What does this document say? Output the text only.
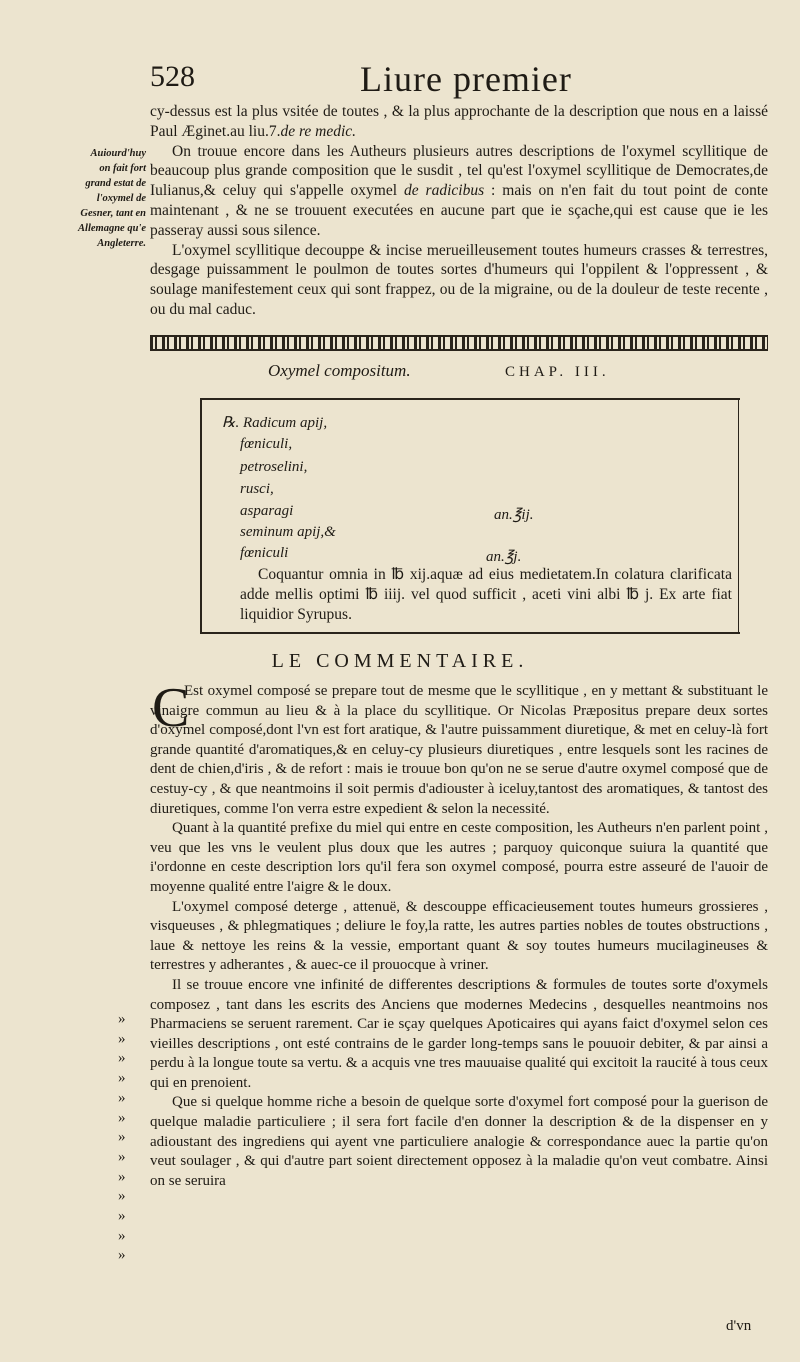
528	Liure premier
Auiourd'huy
on fait fort
grand estat de
l'oxymel de
Gesner, tant en
Allemagne qu'e
Angleterre.

cy-dessus est la plus vsitée de toutes , & la plus approchante de la description que nous en a laissé Paul Æginet.au liu.7.de re medic.

On trouue encore dans les Autheurs plusieurs autres descriptions de l'oxymel scyllitique de beaucoup plus grande composition que le susdit , tel qu'est l'oxymel scyllitique de Democrates,de Iulianus,& celuy qui s'appelle oxymel de radicibus : mais on n'en fait du tout point de conte maintenant , & ne se trouuent executées en aucune part que ie sçache,qui est cause que ie les passeray aussi sous silence.

L'oxymel scyllitique decouppe & incise merueilleusement toutes humeurs crasses & terrestres, desgage puissamment le poulmon de toutes sortes d'humeurs qui l'oppilent & l'oppressent , & soulage manifestement ceux qui sont frappez, ou de la migraine, ou de la douleur de teste recente , ou du mal caduc.

Oxymel compositum.	CHAP. III.
℞. Radicum apij,
fœniculi,
petroselini,
rusci,
asparagi
seminum apij,&
fœniculi
an.℥ij.
an.℥j.
Coquantur omnia in ℔ xij.aquæ ad eius medietatem.In colatura clarificata adde mellis optimi ℔ iiij. vel quod sufficit , aceti vini albi ℔ j. Ex arte fiat liquidior Syrupus.
LE COMMENTAIRE.
C

Est oxymel composé se prepare tout de mesme que le scyllitique , en y mettant & substituant le vinaigre commun au lieu & à la place du scyllitique. Or Nicolas Præpositus prepare deux sortes d'oxymel composé,dont l'vn est fort aratique, & l'autre puissamment diuretique, & met en celuy-là fort grande quantité d'aromatiques,& en celuy-cy plusieurs diuretiques , entre lesquels sont les racines de dent de chien,d'iris , & de refort : mais ie trouue bon qu'on ne se serue d'autre oxymel composé que de cestuy-cy , & que neantmoins il soit permis d'adiouster à iceluy,tantost des aromatiques, & tantost des diuretiques, comme l'on verra estre expedient & selon la necessité.

Quant à la quantité prefixe du miel qui entre en ceste composition, les Autheurs n'en parlent point , veu que les vns le veulent plus doux que les autres ; parquoy quiconque suiura la quantité que i'ordonne en ceste description lors qu'il fera son oxymel composé, pourra estre asseuré de l'auoir de moyenne qualité entre l'aigre & le doux.

L'oxymel composé deterge , attenuë, & descouppe efficacieusement toutes humeurs grossieres , visqueuses , & phlegmatiques ; deliure le foy,la ratte, les autres parties nobles de toutes obstructions , laue & nettoye les reins & la vessie, emportant quant & soy toutes humeurs mucilagineuses & terrestres y adherantes , & auec-ce il prouocque à vriner.

Il se trouue encore vne infinité de differentes descriptions & formules de toutes sorte d'oxymels composez , tant dans les escrits des Anciens que modernes Medecins , desquelles neantmoins nos Pharmaciens se seruent rarement. Car ie sçay quelques Apoticaires qui ayans faict d'oxymel selon ces vieilles descriptions , ont esté contrains de le garder long-temps sans le pouuoir debiter, & par ainsi a perdu à la longue toute sa vertu. & a acquis vne tres mauuaise qualité qui excitoit la raucité à tous ceux qui en prenoient.

Que si quelque homme riche a besoin de quelque sorte d'oxymel fort composé pour la guerison de quelque maladie particuliere ; il sera fort facile d'en donner la description & de la dispenser en y adioustant des ingrediens qui ayent vne particuliere analogie & correspondance auec la partie qu'on veut soulager , & qui d'autre part soient directement opposez à la maladie qu'on veut combatre. Ainsi on se seruira

»
»
»
»
»
»
»
»
»
»
»
»
»
d'vn
